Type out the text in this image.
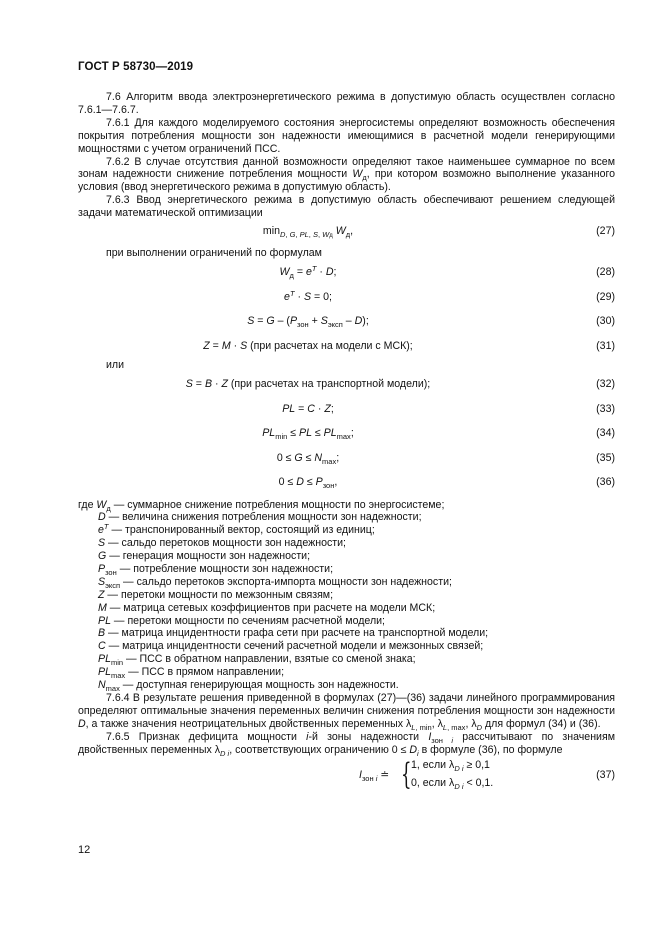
ГОСТ Р 58730—2019

7.6 Алгоритм ввода электроэнергетического режима в допустимую область осуществлен согласно 7.6.1—7.6.7.

7.6.1 Для каждого моделируемого состояния энергосистемы определяют возможность обеспечения покрытия потребления мощности зон надежности имеющимися в расчетной модели генерирующими мощностями с учетом ограничений ПСС.

7.6.2 В случае отсутствия данной возможности определяют такое наименьшее суммарное по всем зонам надежности снижение потребления мощности $W_д$, при котором возможно выполнение указанного условия (ввод энергетического режима в допустимую область).

7.6.3 Ввод энергетического режима в допустимую область обеспечивают решением следующей задачи математической оптимизации

$\min_{D, G, PL, S, Wд} W_д$,	(27)

при выполнении ограничений по формулам

$W_д = e^T \cdot D$;	(28)
$e^T \cdot S = 0$;	(29)
$S = G - (P_{зон} + S_{эксп} - D)$;	(30)
Z = M · S (при расчетах на модели с МСК);	(31)

или

S = B · Z (при расчетах на транспортной модели);	(32)
PL = C · Z;	(33)
$PL_{min}$ ≤ PL ≤ $PL_{max}$;	(34)
$0 \le G \le N_{max}$;	(35)
$0 \le D \le P_{зон}$,	(36)
где $W_д$ — суммарное снижение потребления мощности по энергосистеме;
D — величина снижения потребления мощности зон надежности;
$e^T$ — транспонированный вектор, состоящий из единиц;
S — сальдо перетоков мощности зон надежности;
G — генерация мощности зон надежности;
$P_{зон}$ — потребление мощности зон надежности;
$S_{эксп}$ — сальдо перетоков экспорта-импорта мощности зон надежности;
Z — перетоки мощности по межзонным связям;
M — матрица сетевых коэффициентов при расчете на модели МСК;
PL — перетоки мощности по сечениям расчетной модели;
B — матрица инцидентности графа сети при расчете на транспортной модели;
C — матрица инцидентности сечений расчетной модели и межзонных связей;
$PL_{min}$ — ПСС в обратном направлении, взятые со сменой знака;
$PL_{max}$ — ПСС в прямом направлении;
$N_{max}$ — доступная генерирующая мощность зон надежности.

7.6.4 В результате решения приведенной в формулах (27)—(36) задачи линейного программирования определяют оптимальные значения переменных величин снижения потребления мощности зон надежности D, а также значения неотрицательных двойственных переменных $\lambda_{L, min}$, $\lambda_{L, max}$, $\lambda_D$ для формул (34) и (36).

7.6.5 Признак дефицита мощности i-й зоны надежности $I_{зон i}$ рассчитывают по значениям двойственных переменных $\lambda_{D i}$, соответствующих ограничению $0 \le D_i$ в формуле (36), по формуле

$I_{зон i}$ ≐ { 1, если $\lambda_{D i} \ge 0,1$
0, если $\lambda_{D i} < 0,1$.
(37)
12
